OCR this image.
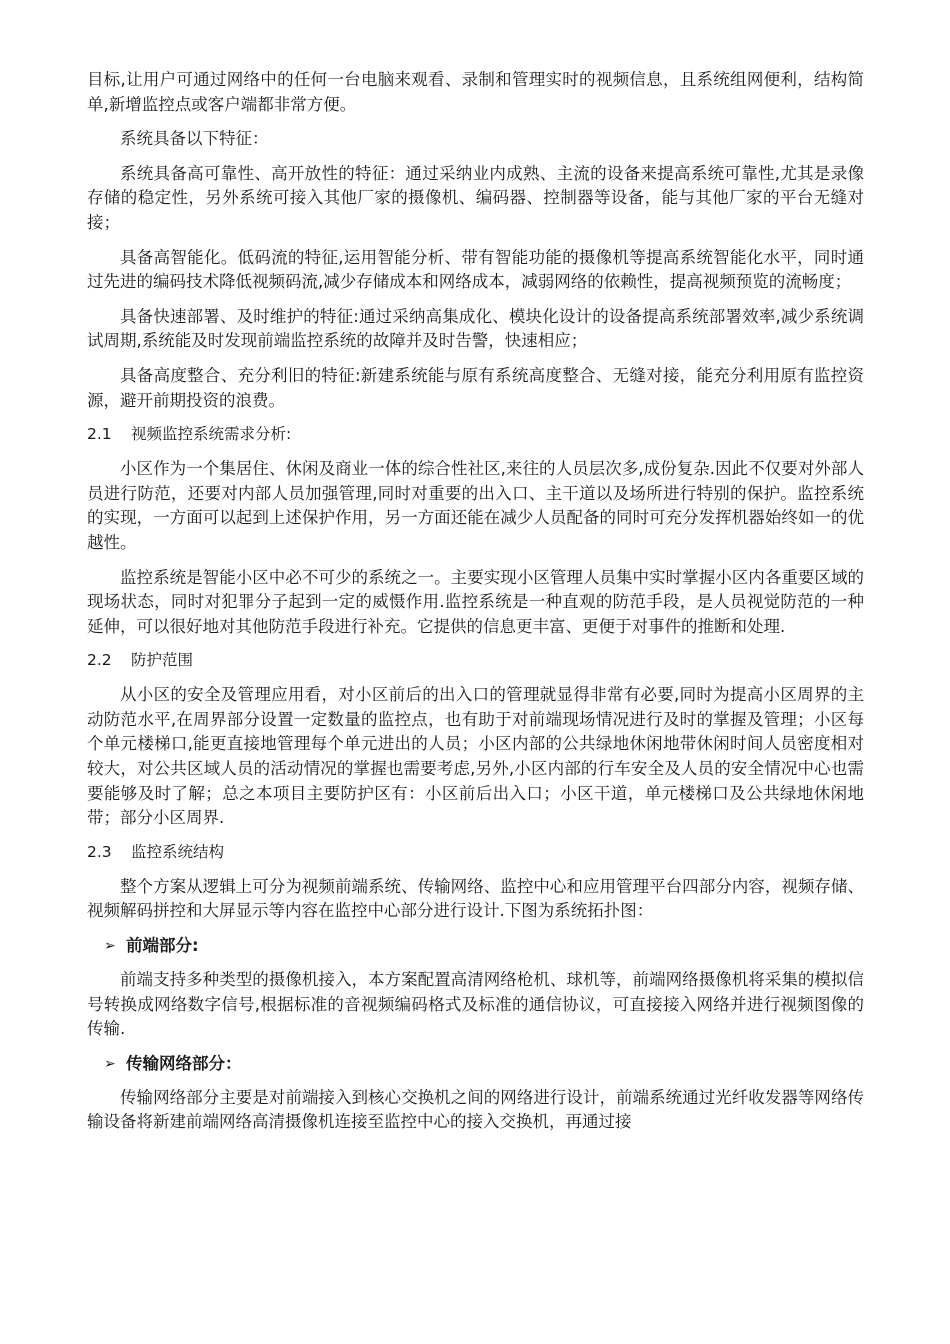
目标,让用户可通过网络中的任何一台电脑来观看、录制和管理实时的视频信息，且系统组网便利，结构简单,新增监控点或客户端都非常方便。

系统具备以下特征：

系统具备高可靠性、高开放性的特征：通过采纳业内成熟、主流的设备来提高系统可靠性,尤其是录像存储的稳定性，另外系统可接入其他厂家的摄像机、编码器、控制器等设备，能与其他厂家的平台无缝对接；

具备高智能化。低码流的特征,运用智能分析、带有智能功能的摄像机等提高系统智能化水平，同时通过先进的编码技术降低视频码流,减少存储成本和网络成本，减弱网络的依赖性，提高视频预览的流畅度；

具备快速部署、及时维护的特征:通过采纳高集成化、模块化设计的设备提高系统部署效率,减少系统调试周期,系统能及时发现前端监控系统的故障并及时告警，快速相应；

具备高度整合、充分利旧的特征:新建系统能与原有系统高度整合、无缝对接，能充分利用原有监控资源，避开前期投资的浪费。

2.1	视频监控系统需求分析:

小区作为一个集居住、休闲及商业一体的综合性社区,来往的人员层次多,成份复杂.因此不仅要对外部人员进行防范，还要对内部人员加强管理,同时对重要的出入口、主干道以及场所进行特别的保护。监控系统的实现，一方面可以起到上述保护作用，另一方面还能在减少人员配备的同时可充分发挥机器始终如一的优越性。

监控系统是智能小区中必不可少的系统之一。主要实现小区管理人员集中实时掌握小区内各重要区域的现场状态，同时对犯罪分子起到一定的威慑作用.监控系统是一种直观的防范手段，是人员视觉防范的一种延伸，可以很好地对其他防范手段进行补充。它提供的信息更丰富、更便于对事件的推断和处理.

2.2	防护范围

从小区的安全及管理应用看，对小区前后的出入口的管理就显得非常有必要,同时为提高小区周界的主动防范水平,在周界部分设置一定数量的监控点，也有助于对前端现场情况进行及时的掌握及管理；小区每个单元楼梯口,能更直接地管理每个单元进出的人员；小区内部的公共绿地休闲地带休闲时间人员密度相对较大，对公共区域人员的活动情况的掌握也需要考虑,另外,小区内部的行车安全及人员的安全情况中心也需要能够及时了解；总之本项目主要防护区有：小区前后出入口；小区干道，单元楼梯口及公共绿地休闲地带；部分小区周界.

2.3	监控系统结构

整个方案从逻辑上可分为视频前端系统、传输网络、监控中心和应用管理平台四部分内容，视频存储、视频解码拼控和大屏显示等内容在监控中心部分进行设计.下图为系统拓扑图：

➢ 前端部分:

前端支持多种类型的摄像机接入，本方案配置高清网络枪机、球机等，前端网络摄像机将采集的模拟信号转换成网络数字信号,根据标准的音视频编码格式及标准的通信协议，可直接接入网络并进行视频图像的传输.

➢ 传输网络部分：

传输网络部分主要是对前端接入到核心交换机之间的网络进行设计，前端系统通过光纤收发器等网络传输设备将新建前端网络高清摄像机连接至监控中心的接入交换机，再通过接
